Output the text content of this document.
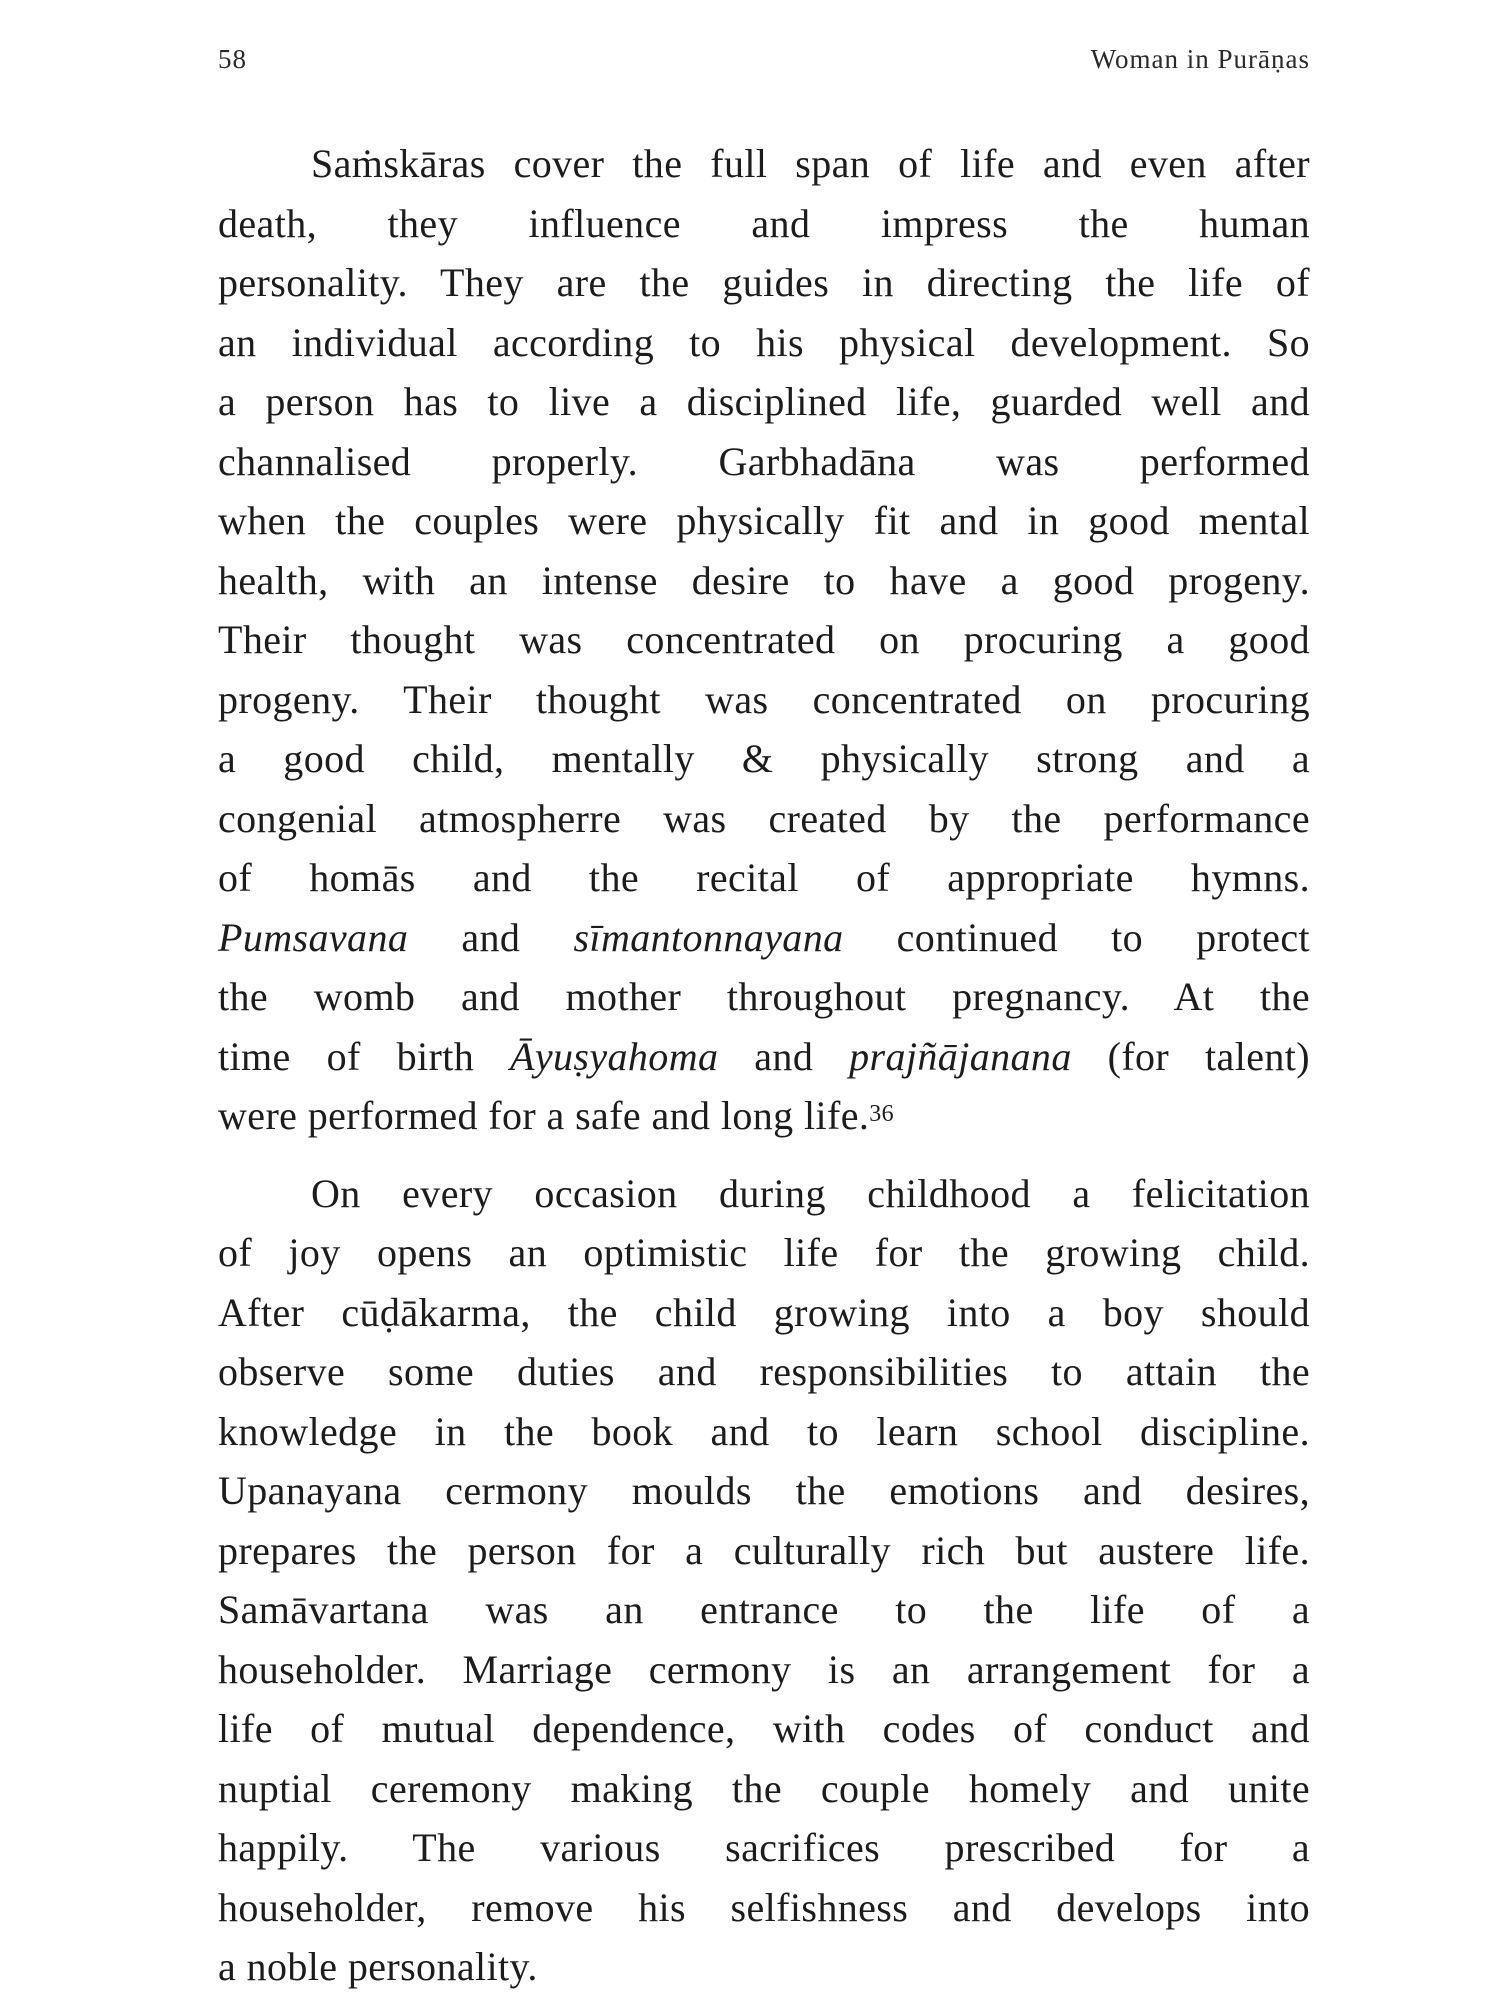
58	Woman in Purāṇas
Saṁskāras cover the full span of life and even after
death, they influence and impress the human
personality. They are the guides in directing the life of
an individual according to his physical development. So
a person has to live a disciplined life, guarded well and
channalised properly. Garbhadāna was performed
when the couples were physically fit and in good mental
health, with an intense desire to have a good progeny.
Their thought was concentrated on procuring a good
progeny. Their thought was concentrated on procuring
a good child, mentally & physically strong and a
congenial atmospherre was created by the performance
of homās and the recital of appropriate hymns.
Pumsavana and sīmantonnayana continued to protect
the womb and mother throughout pregnancy. At the
time of birth Āyuṣyahoma and prajñājanana (for talent)
were performed for a safe and long life.$^{36}$
On every occasion during childhood a felicitation
of joy opens an optimistic life for the growing child.
After cūḍākarma, the child growing into a boy should
observe some duties and responsibilities to attain the
knowledge in the book and to learn school discipline.
Upanayana cermony moulds the emotions and desires,
prepares the person for a culturally rich but austere life.
Samāvartana was an entrance to the life of a
householder. Marriage cermony is an arrangement for a
life of mutual dependence, with codes of conduct and
nuptial ceremony making the couple homely and unite
happily. The various sacrifices prescribed for a
householder, remove his selfishness and develops into
a noble personality.
